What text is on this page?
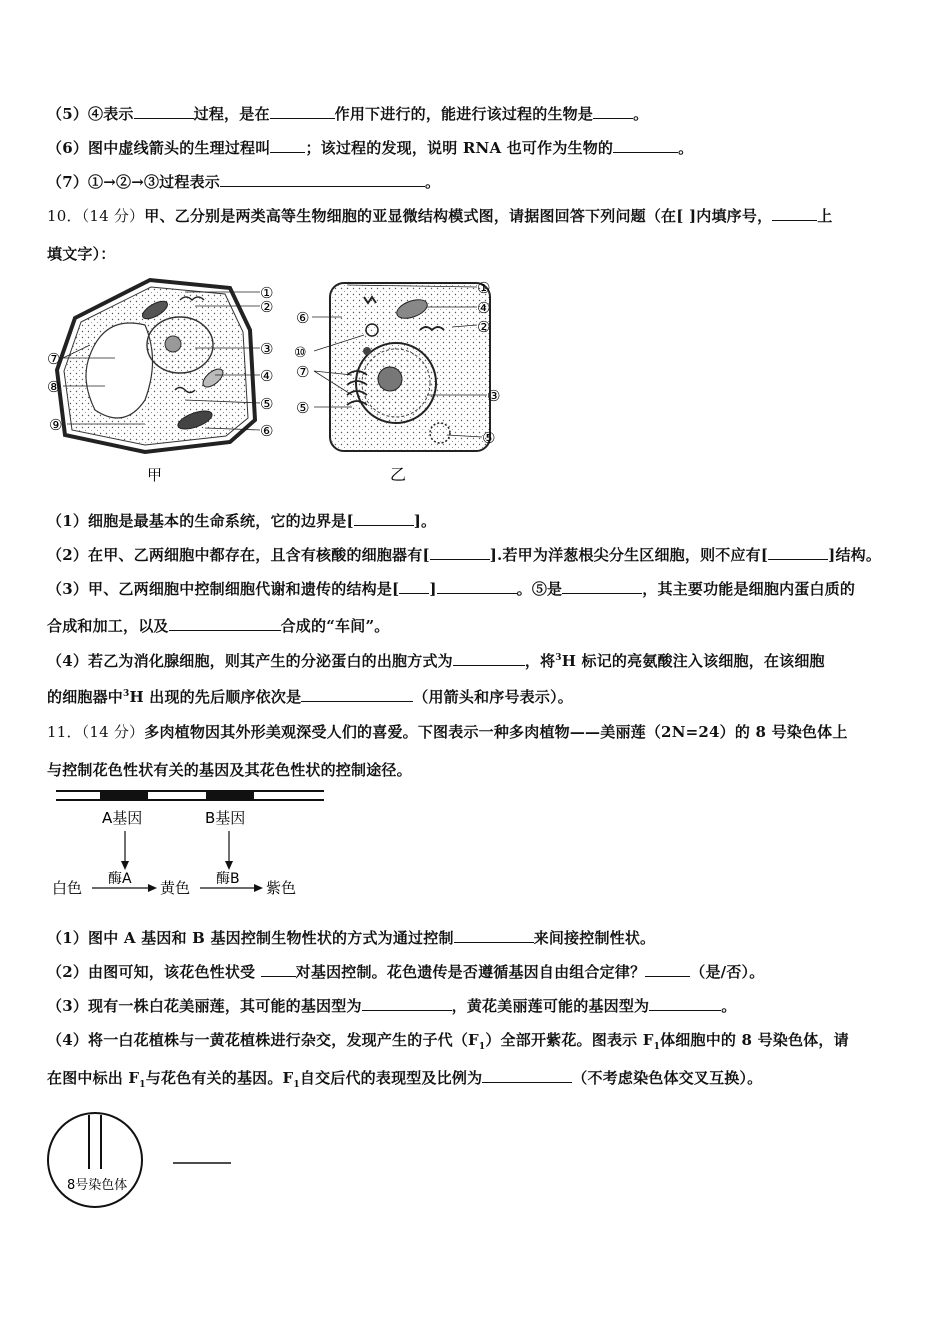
（5）④表示	过程，是在	作用下进行的，能进行该过程的生物是	。
（6）图中虚线箭头的生理过程叫 ；该过程的发现，说明 RNA 也可作为生物的	。
（7）①→②→③过程表示	。
10．（14 分）甲、乙分别是两类高等生物细胞的亚显微结构模式图，请据图回答下列问题（在[ ]内填序号，	上
填文字）：
①
②
③
④
⑤
⑥
⑦
⑧
⑨
甲
①
④
②
⑥
⑩
⑦
③
⑤
⑤
乙
（1）细胞是最基本的生命系统，它的边界是[	]。
（2）在甲、乙两细胞中都存在，且含有核酸的细胞器有[	].若甲为洋葱根尖分生区细胞，则不应有[	]结构。
（3）甲、乙两细胞中控制细胞代谢和遗传的结构是[ ]	。⑤是	，其主要功能是细胞内蛋白质的
合成和加工，以及	合成的“车间”。
（4）若乙为消化腺细胞，则其产生的分泌蛋白的出胞方式为	，将$^3$H 标记的亮氨酸注入该细胞，在该细胞
的细胞器中$^3$H 出现的先后顺序依次是	（用箭头和序号表示）。
11．（14 分）多肉植物因其外形美观深受人们的喜爱。下图表示一种多肉植物——美丽莲（2N=24）的 8 号染色体上
与控制花色性状有关的基因及其花色性状的控制途径。
A基因	B基因
白色 酶A 黄色 酶B 紫色
（1）图中 A 基因和 B 基因控制生物性状的方式为通过控制	来间接控制性状。
（2）由图可知，该花色性状受 对基因控制。花色遗传是否遵循基因自由组合定律？	（是/否）。
（3）现有一株白花美丽莲，其可能的基因型为	，黄花美丽莲可能的基因型为	。
（4）将一白花植株与一黄花植株进行杂交，发现产生的子代$(F_1)$全部开紫花。图表示 $F_1$体细胞中的 8 号染色体，请
在图中标出 $F_1$与花色有关的基因。$F_1$自交后代的表现型及比例为	（不考虑染色体交叉互换）。
8号染色体
